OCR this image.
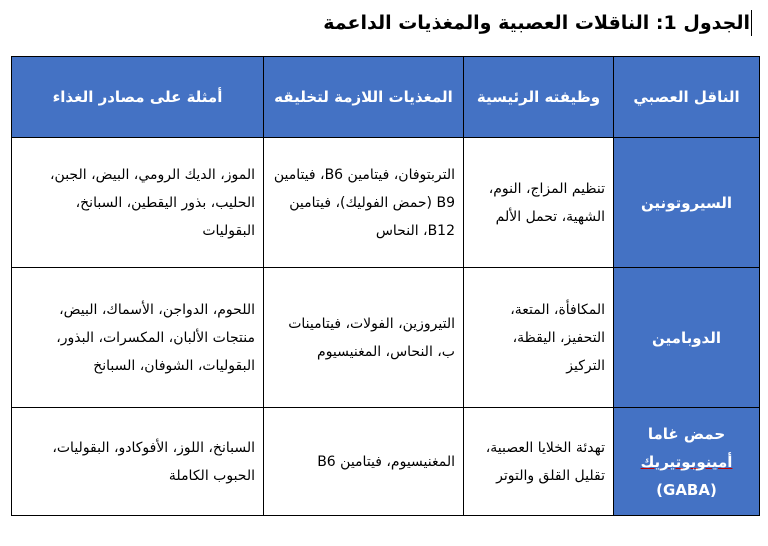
الجدول 1: الناقلات العصبية والمغذيات الداعمة
الناقل العصبي	وظيفته الرئيسية	المغذيات اللازمة لتخليقه	أمثلة على مصادر الغذاء
السيروتونين	تنظيم المزاج، النوم، الشهية، تحمل الألم	التربتوفان، فيتامين B6، فيتامين B9 (حمض الفوليك)، فيتامين B12، النحاس	الموز، الديك الرومي، البيض، الجبن، الحليب، بذور اليقطين، السبانخ، البقوليات
الدوبامين	المكافأة، المتعة، التحفيز، اليقظة، التركيز	التيروزين، الفولات، فيتامينات ب، النحاس، المغنيسيوم	اللحوم، الدواجن، الأسماك، البيض، منتجات الألبان، المكسرات، البذور، البقوليات، الشوفان، السبانخ

حمض غاما
أمينوبوتيريك
(GABA)	تهدئة الخلايا العصبية، تقليل القلق والتوتر	المغنيسيوم، فيتامين B6	السبانخ، اللوز، الأفوكادو، البقوليات، الحبوب الكاملة
